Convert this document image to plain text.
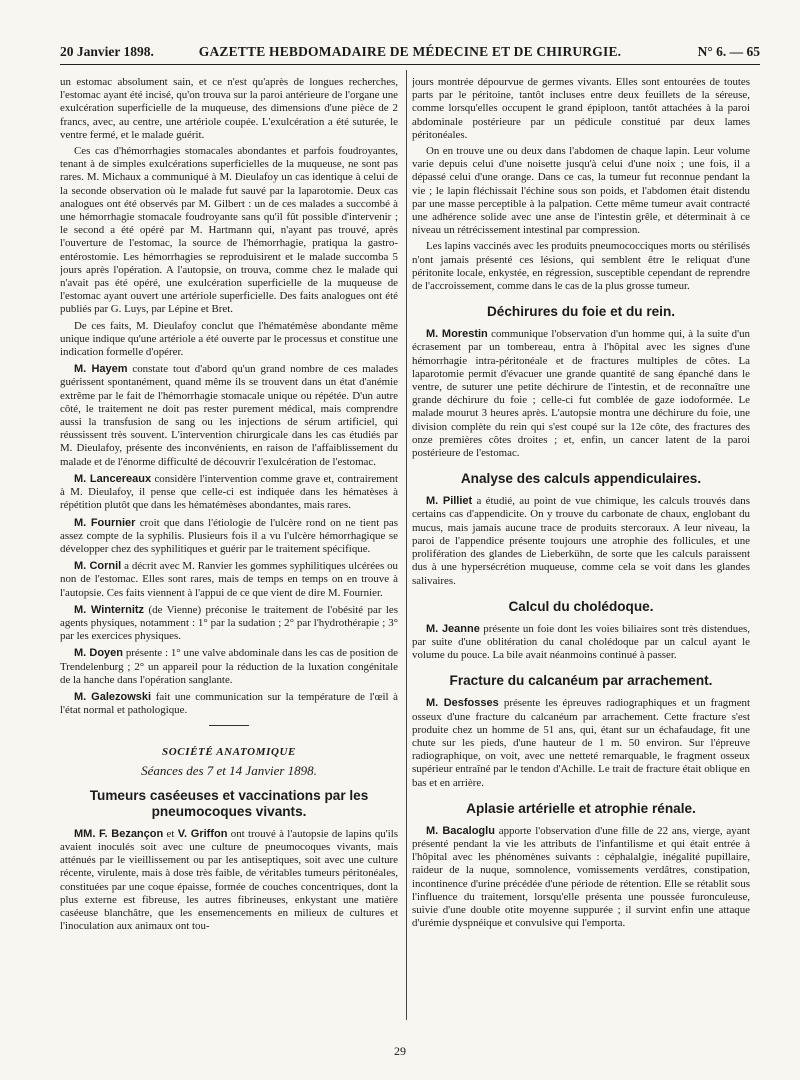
20 Janvier 1898.	GAZETTE HEBDOMADAIRE DE MÉDECINE ET DE CHIRURGIE.	N° 6. — 65

un estomac absolument sain, et ce n'est qu'après de longues recherches, l'estomac ayant été incisé, qu'on trouva sur la paroi antérieure de l'organe une exulcération superficielle de la muqueuse, des dimensions d'une pièce de 2 francs, avec, au centre, une artériole coupée. L'exulcération a été suturée, le ventre fermé, et le malade guérit.

Ces cas d'hémorrhagies stomacales abondantes et parfois foudroyantes, tenant à de simples exulcérations superficielles de la muqueuse, ne sont pas rares. M. Michaux a communiqué à M. Dieulafoy un cas identique à celui de la seconde observation où le malade fut sauvé par la laparotomie. Deux cas analogues ont été observés par M. Gilbert : un de ces malades a succombé à une hémorrhagie stomacale foudroyante sans qu'il fût possible d'intervenir ; le second a été opéré par M. Hartmann qui, n'ayant pas trouvé, après l'ouverture de l'estomac, la source de l'hémorrhagie, pratiqua la gastro-entérostomie. Les hémorrhagies se reproduisirent et le malade succomba 5 jours après l'opération. A l'autopsie, on trouva, comme chez le malade qui n'avait pas été opéré, une exulcération superficielle de la muqueuse de l'estomac ayant ouvert une artériole superficielle. Des faits analogues ont été publiés par G. Luys, par Lépine et Bret.

De ces faits, M. Dieulafoy conclut que l'hématémèse abondante même unique indique qu'une artériole a été ouverte par le processus et constitue une indication formelle d'opérer.

M. Hayem constate tout d'abord qu'un grand nombre de ces malades guérissent spontanément, quand même ils se trouvent dans un état d'anémie extrême par le fait de l'hémorrhagie stomacale unique ou répétée. D'un autre côté, le traitement ne doit pas rester purement médical, mais comprendre aussi la transfusion de sang ou les injections de sérum artificiel, qui réussissent très souvent. L'intervention chirurgicale dans les cas étudiés par M. Dieulafoy, présente des inconvénients, en raison de l'affaiblissement du malade et de l'énorme difficulté de découvrir l'exulcération de l'estomac.

M. Lancereaux considère l'intervention comme grave et, contrairement à M. Dieulafoy, il pense que celle-ci est indiquée dans les hématèses à répétition plutôt que dans les hématémèses abondantes, mais rares.

M. Fournier croit que dans l'étiologie de l'ulcère rond on ne tient pas assez compte de la syphilis. Plusieurs fois il a vu l'ulcère hémorrhagique se développer chez des syphilitiques et guérir par le traitement spécifique.

M. Cornil a décrit avec M. Ranvier les gommes syphilitiques ulcérées ou non de l'estomac. Elles sont rares, mais de temps en temps on en trouve à l'autopsie. Ces faits viennent à l'appui de ce que vient de dire M. Fournier.

M. Winternitz (de Vienne) préconise le traitement de l'obésité par les agents physiques, notamment : 1° par la sudation ; 2° par l'hydrothérapie ; 3° par les exercices physiques.

M. Doyen présente : 1° une valve abdominale dans les cas de position de Trendelenburg ; 2° un appareil pour la réduction de la luxation congénitale de la hanche dans l'opération sanglante.

M. Galezowski fait une communication sur la température de l'œil à l'état normal et pathologique.

SOCIÉTÉ ANATOMIQUE
Séances des 7 et 14 Janvier 1898.
Tumeurs caséeuses et vaccinations par les pneumocoques vivants.

MM. F. Bezançon et V. Griffon ont trouvé à l'autopsie de lapins qu'ils avaient inoculés soit avec une culture de pneumocoques vivants, mais atténués par le vieillissement ou par les antiseptiques, soit avec une culture récente, virulente, mais à dose très faible, de véritables tumeurs péritonéales, constituées par une coque épaisse, formée de couches concentriques, dont la plus externe est fibreuse, les autres fibrineuses, enkystant une matière caséeuse blanchâtre, que les ensemencements en milieux de cultures et l'inoculation aux animaux ont tou-

jours montrée dépourvue de germes vivants. Elles sont entourées de toutes parts par le péritoine, tantôt incluses entre deux feuillets de la séreuse, comme lorsqu'elles occupent le grand épiploon, tantôt attachées à la paroi abdominale postérieure par un pédicule constitué par deux lames péritonéales.

On en trouve une ou deux dans l'abdomen de chaque lapin. Leur volume varie depuis celui d'une noisette jusqu'à celui d'une noix ; une fois, il a dépassé celui d'une orange. Dans ce cas, la tumeur fut reconnue pendant la vie ; le lapin fléchissait l'échine sous son poids, et l'abdomen était distendu par une masse perceptible à la palpation. Cette même tumeur avait contracté une adhérence solide avec une anse de l'intestin grêle, et déterminait à ce niveau un rétrécissement intestinal par compression.

Les lapins vaccinés avec les produits pneumococciques morts ou stérilisés n'ont jamais présenté ces lésions, qui semblent être le reliquat d'une péritonite locale, enkystée, en régression, susceptible cependant de reprendre de l'accroissement, comme dans le cas de la plus grosse tumeur.

Déchirures du foie et du rein.

M. Morestin communique l'observation d'un homme qui, à la suite d'un écrasement par un tombereau, entra à l'hôpital avec les signes d'une hémorrhagie intra-péritonéale et de fractures multiples de côtes. La laparotomie permit d'évacuer une grande quantité de sang épanché dans le ventre, de suturer une petite déchirure de l'intestin, et de reconnaître une grande déchirure du foie ; celle-ci fut comblée de gaze iodoformée. Le malade mourut 3 heures après. L'autopsie montra une déchirure du foie, une division complète du rein qui s'est coupé sur la 12e côte, des fractures des onze premières côtes droites ; et, enfin, un cancer latent de la paroi postérieure de l'estomac.

Analyse des calculs appendiculaires.

M. Pilliet a étudié, au point de vue chimique, les calculs trouvés dans certains cas d'appendicite. On y trouve du carbonate de chaux, englobant du mucus, mais jamais aucune trace de produits stercoraux. A leur niveau, la paroi de l'appendice présente toujours une atrophie des follicules, et une prolifération des glandes de Lieberkühn, de sorte que les calculs paraissent dus à une hypersécrétion muqueuse, comme cela se voit dans les glandes salivaires.

Calcul du cholédoque.

M. Jeanne présente un foie dont les voies biliaires sont très distendues, par suite d'une oblitération du canal cholédoque par un calcul ayant le volume du pouce. La bile avait néanmoins continué à passer.

Fracture du calcanéum par arrachement.

M. Desfosses présente les épreuves radiographiques et un fragment osseux d'une fracture du calcanéum par arrachement. Cette fracture s'est produite chez un homme de 51 ans, qui, étant sur un échafaudage, fit une chute sur les pieds, d'une hauteur de 1 m. 50 environ. Sur l'épreuve radiographique, on voit, avec une netteté remarquable, le fragment osseux supérieur entraîné par le tendon d'Achille. Le trait de fracture était oblique en bas et en arrière.

Aplasie artérielle et atrophie rénale.

M. Bacaloglu apporte l'observation d'une fille de 22 ans, vierge, ayant présenté pendant la vie les attributs de l'infantilisme et qui était entrée à l'hôpital avec les phénomènes suivants : céphalalgie, inégalité pupillaire, raideur de la nuque, somnolence, vomissements verdâtres, constipation, incontinence d'urine précédée d'une période de rétention. Elle se rétablit sous l'influence du traitement, lorsqu'elle présenta une poussée furonculeuse, suivie d'une double otite moyenne suppurée ; il survint enfin une attaque d'urémie dyspnéique et convulsive qui l'emporta.

29
